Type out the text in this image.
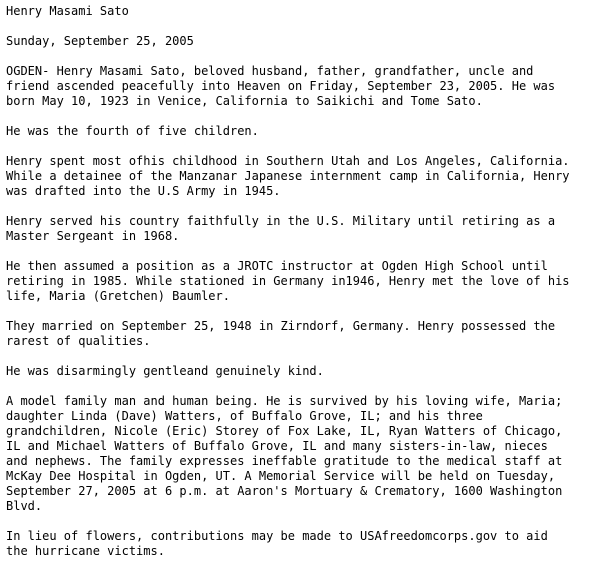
Henry Masami Sato
Sunday, September 25, 2005
OGDEN- Henry Masami Sato, beloved husband, father, grandfather, uncle and
friend ascended peacefully into Heaven on Friday, September 23, 2005. He was
born May 10, 1923 in Venice, California to Saikichi and Tome Sato.
He was the fourth of five children.
Henry spent most ofhis childhood in Southern Utah and Los Angeles, California.
While a detainee of the Manzanar Japanese internment camp in California, Henry
was drafted into the U.S Army in 1945.
Henry served his country faithfully in the U.S. Military until retiring as a
Master Sergeant in 1968.
He then assumed a position as a JROTC instructor at Ogden High School until
retiring in 1985. While stationed in Germany in1946, Henry met the love of his
life, Maria (Gretchen) Baumler.
They married on September 25, 1948 in Zirndorf, Germany. Henry possessed the
rarest of qualities.
He was disarmingly gentleand genuinely kind.
A model family man and human being. He is survived by his loving wife, Maria;
daughter Linda (Dave) Watters, of Buffalo Grove, IL; and his three
grandchildren, Nicole (Eric) Storey of Fox Lake, IL, Ryan Watters of Chicago,
IL and Michael Watters of Buffalo Grove, IL and many sisters-in-law, nieces
and nephews. The family expresses ineffable gratitude to the medical staff at
McKay Dee Hospital in Ogden, UT. A Memorial Service will be held on Tuesday,
September 27, 2005 at 6 p.m. at Aaron's Mortuary & Crematory, 1600 Washington
Blvd.
In lieu of flowers, contributions may be made to USAfreedomcorps.gov to aid
the hurricane victims.
